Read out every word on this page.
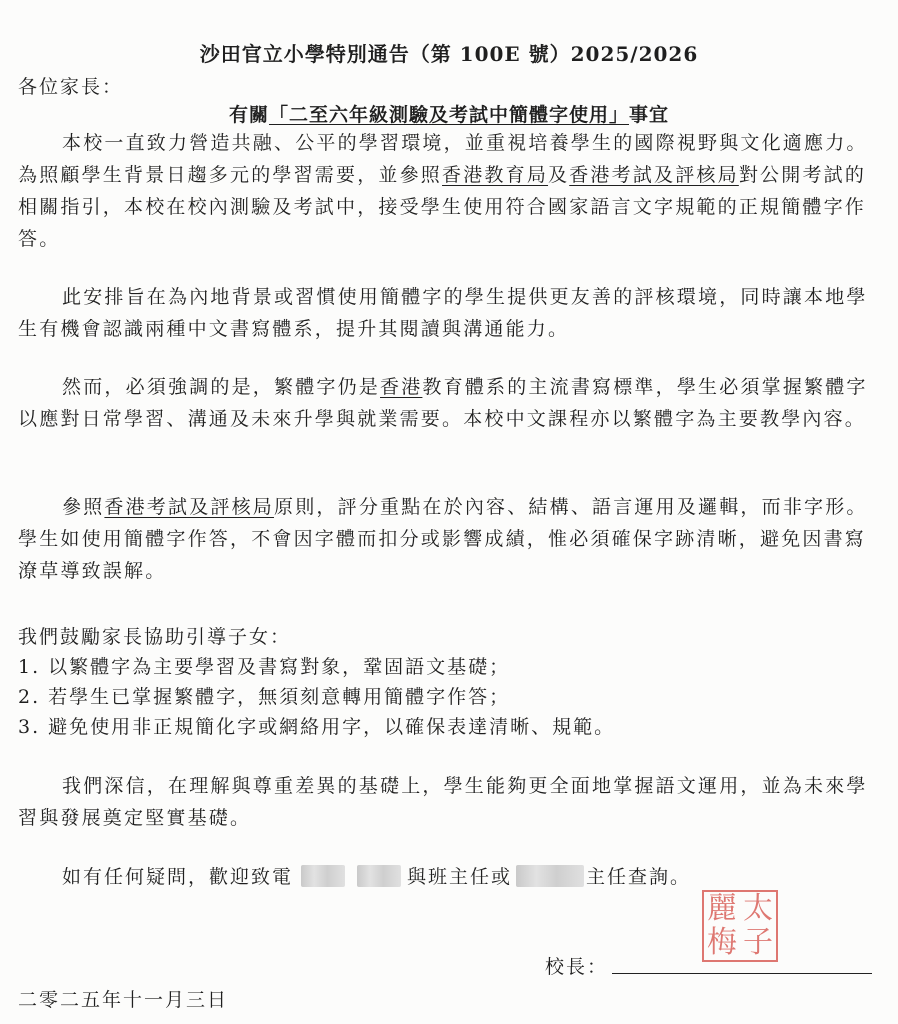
沙田官立小學特別通告（第 100E 號）2025/2026
各位家長：
有關「二至六年級測驗及考試中簡體字使用」事宜

本校一直致力營造共融、公平的學習環境，並重視培養學生的國際視野與文化適應力。為照顧學生背景日趨多元的學習需要，並參照香港教育局及香港考試及評核局對公開考試的相關指引，本校在校內測驗及考試中，接受學生使用符合國家語言文字規範的正規簡體字作答。

此安排旨在為內地背景或習慣使用簡體字的學生提供更友善的評核環境，同時讓本地學生有機會認識兩種中文書寫體系，提升其閱讀與溝通能力。

然而，必須強調的是，繁體字仍是香港教育體系的主流書寫標準，學生必須掌握繁體字以應對日常學習、溝通及未來升學與就業需要。本校中文課程亦以繁體字為主要教學內容。

參照香港考試及評核局原則，評分重點在於內容、結構、語言運用及邏輯，而非字形。學生如使用簡體字作答，不會因字體而扣分或影響成績，惟必須確保字跡清晰，避免因書寫潦草導致誤解。

我們鼓勵家長協助引導子女：
1. 以繁體字為主要學習及書寫對象，鞏固語文基礎；
2. 若學生已掌握繁體字，無須刻意轉用簡體字作答；
3. 避免使用非正規簡化字或網絡用字，以確保表達清晰、規範。

我們深信，在理解與尊重差異的基礎上，學生能夠更全面地掌握語文運用，並為未來學習與發展奠定堅實基礎。

如有任何疑問，歡迎致電	與班主任或	主任查詢。
麗 太
梅 子
校長：
二零二五年十一月三日
